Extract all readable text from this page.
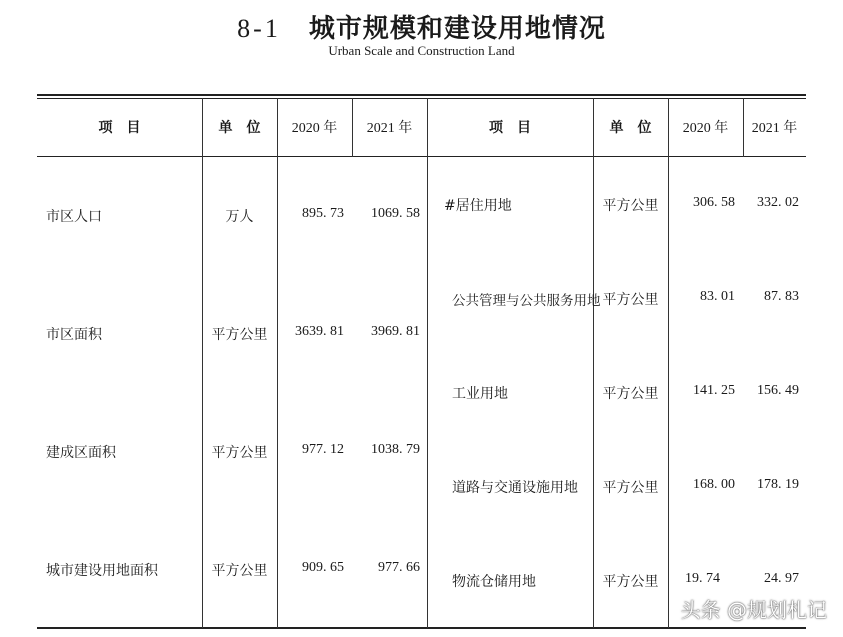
8-1 城市规模和建设用地情况
Urban Scale and Construction Land
项　目	单　位	2020 年	2021 年	项　目	单　位	2020 年	2021 年
市区人口	万人	895. 73	1069. 58
市区面积	平方公里	3639. 81	3969. 81
建成区面积	平方公里	977. 12	1038. 79
城市建设用地面积	平方公里	909. 65	977. 66
#居住用地	平方公里	306. 58	332. 02
公共管理与公共服务用地 平方公里	83. 01	87. 83
工业用地	平方公里	141. 25	156. 49
道路与交通设施用地	平方公里	168. 00	178. 19
物流仓储用地	平方公里	19. 74	24. 97
头条 @规划札记
